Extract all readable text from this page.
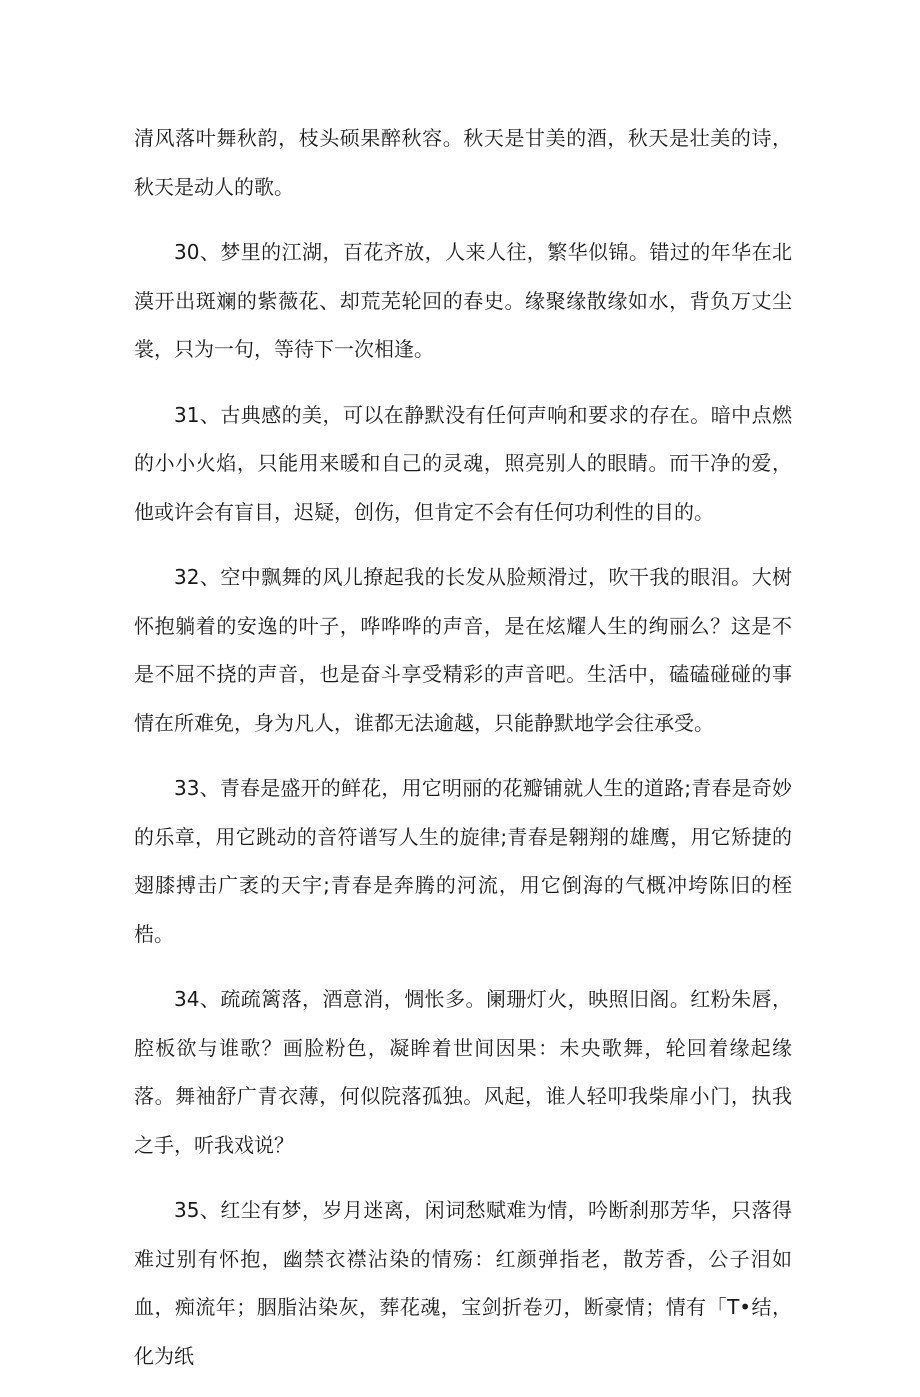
清风落叶舞秋韵，枝头硕果醉秋容。秋天是甘美的酒，秋天是壮美的诗，秋天是动人的歌。

30、梦里的江湖，百花齐放，人来人往，繁华似锦。错过的年华在北漠开出斑斓的紫薇花、却荒芜轮回的春史。缘聚缘散缘如水，背负万丈尘裳，只为一句，等待下一次相逢。

31、古典感的美，可以在静默没有任何声响和要求的存在。暗中点燃的小小火焰，只能用来暖和自己的灵魂，照亮别人的眼睛。而干净的爱，他或许会有盲目，迟疑，创伤，但肯定不会有任何功利性的目的。

32、空中飘舞的风儿撩起我的长发从脸颊滑过，吹干我的眼泪。大树怀抱躺着的安逸的叶子，哗哗哗的声音，是在炫耀人生的绚丽么？这是不是不屈不挠的声音，也是奋斗享受精彩的声音吧。生活中，磕磕碰碰的事情在所难免，身为凡人，谁都无法逾越，只能静默地学会往承受。

33、青春是盛开的鲜花，用它明丽的花瓣铺就人生的道路;青春是奇妙的乐章，用它跳动的音符谱写人生的旋律;青春是翱翔的雄鹰，用它矫捷的翅膝搏击广袤的天宇;青春是奔腾的河流，用它倒海的气概冲垮陈旧的桎梏。

34、疏疏篱落，酒意消，惆怅多。阑珊灯火，映照旧阁。红粉朱唇，腔板欲与谁歌？画脸粉色，凝眸着世间因果：未央歌舞，轮回着缘起缘落。舞袖舒广青衣薄，何似院落孤独。风起，谁人轻叩我柴扉小门，执我之手，听我戏说？

35、红尘有梦，岁月迷离，闲词愁赋难为情，吟断刹那芳华，只落得难过别有怀抱，幽禁衣襟沾染的情殇：红颜弹指老，散芳香，公子泪如血，痴流年；胭脂沾染灰，葬花魂，宝剑折卷刃，断豪情；情有「T•结，化为纸
